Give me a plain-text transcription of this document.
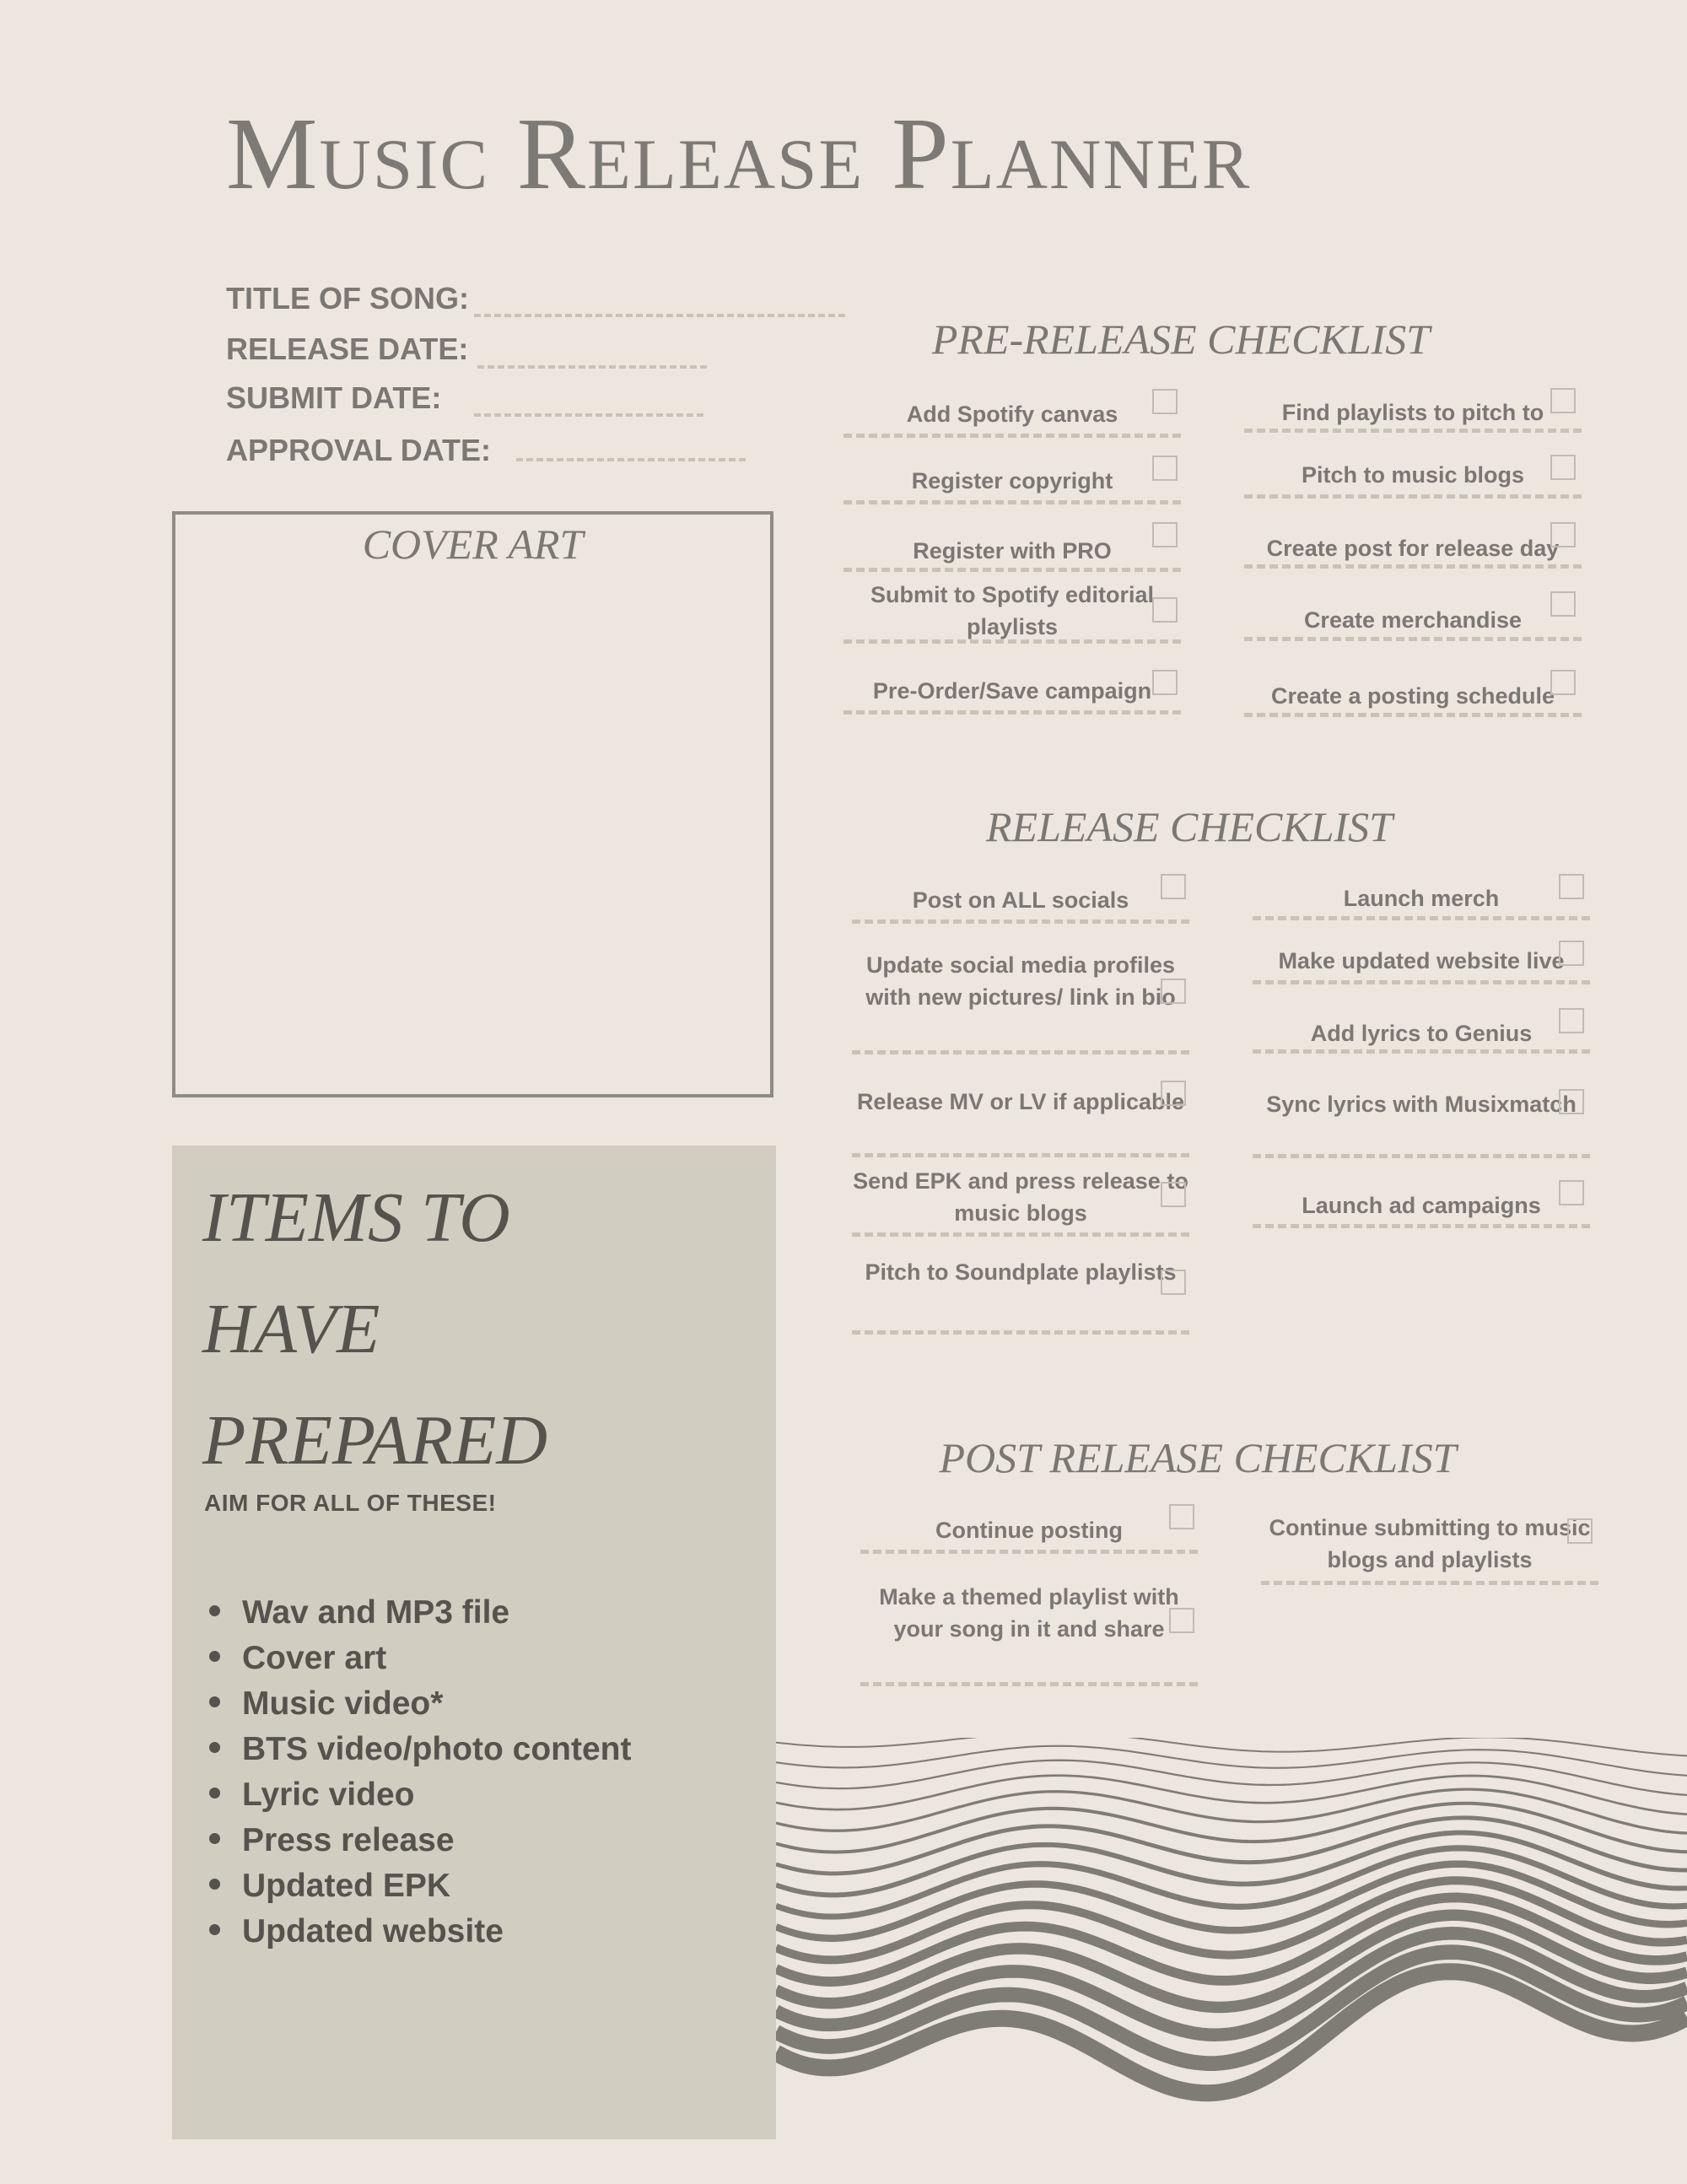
Music Release Planner
TITLE OF SONG:
RELEASE DATE:
SUBMIT DATE:
APPROVAL DATE:
COVER ART
ITEMS TO
HAVE
PREPARED
AIM FOR ALL OF THESE!
Wav and MP3 file
Cover art
Music video*
BTS video/photo content
Lyric video
Press release
Updated EPK
Updated website
PRE-RELEASE CHECKLIST
Add Spotify canvas
Register copyright
Register with PRO
Submit to Spotify editorial playlists
Pre-Order/Save campaign
Find playlists to pitch to
Pitch to music blogs
Create post for release day
Create merchandise
Create a posting schedule
RELEASE CHECKLIST
Post on ALL socials
Update social media profiles with new pictures/ link in bio
Release MV or LV if applicable
Send EPK and press release to music blogs
Pitch to Soundplate playlists
Launch merch
Make updated website live
Add lyrics to Genius
Sync lyrics with Musixmatch
Launch ad campaigns
POST RELEASE CHECKLIST
Continue posting
Make a themed playlist with your song in it and share
Continue submitting to music blogs and playlists
